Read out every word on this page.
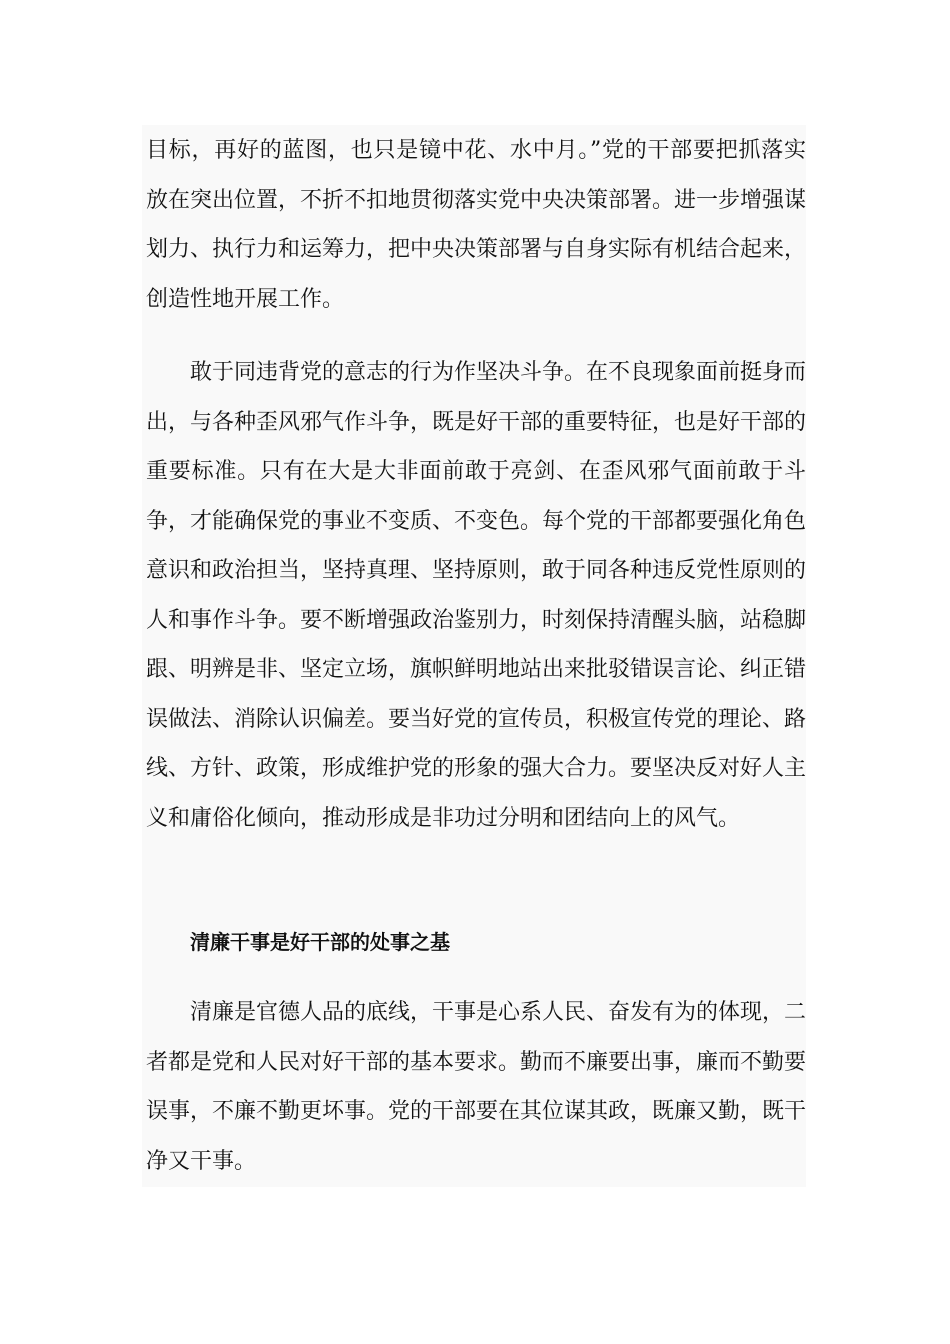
目标，再好的蓝图，也只是镜中花、水中月。”党的干部要把抓落实放在突出位置，不折不扣地贯彻落实党中央决策部署。进一步增强谋划力、执行力和运筹力，把中央决策部署与自身实际有机结合起来，创造性地开展工作。

敢于同违背党的意志的行为作坚决斗争。在不良现象面前挺身而出，与各种歪风邪气作斗争，既是好干部的重要特征，也是好干部的重要标准。只有在大是大非面前敢于亮剑、在歪风邪气面前敢于斗争，才能确保党的事业不变质、不变色。每个党的干部都要强化角色意识和政治担当，坚持真理、坚持原则，敢于同各种违反党性原则的人和事作斗争。要不断增强政治鉴别力，时刻保持清醒头脑，站稳脚跟、明辨是非、坚定立场，旗帜鲜明地站出来批驳错误言论、纠正错误做法、消除认识偏差。要当好党的宣传员，积极宣传党的理论、路线、方针、政策，形成维护党的形象的强大合力。要坚决反对好人主义和庸俗化倾向，推动形成是非功过分明和团结向上的风气。

清廉干事是好干部的处事之基

清廉是官德人品的底线，干事是心系人民、奋发有为的体现，二者都是党和人民对好干部的基本要求。勤而不廉要出事，廉而不勤要误事，不廉不勤更坏事。党的干部要在其位谋其政，既廉又勤，既干净又干事。
